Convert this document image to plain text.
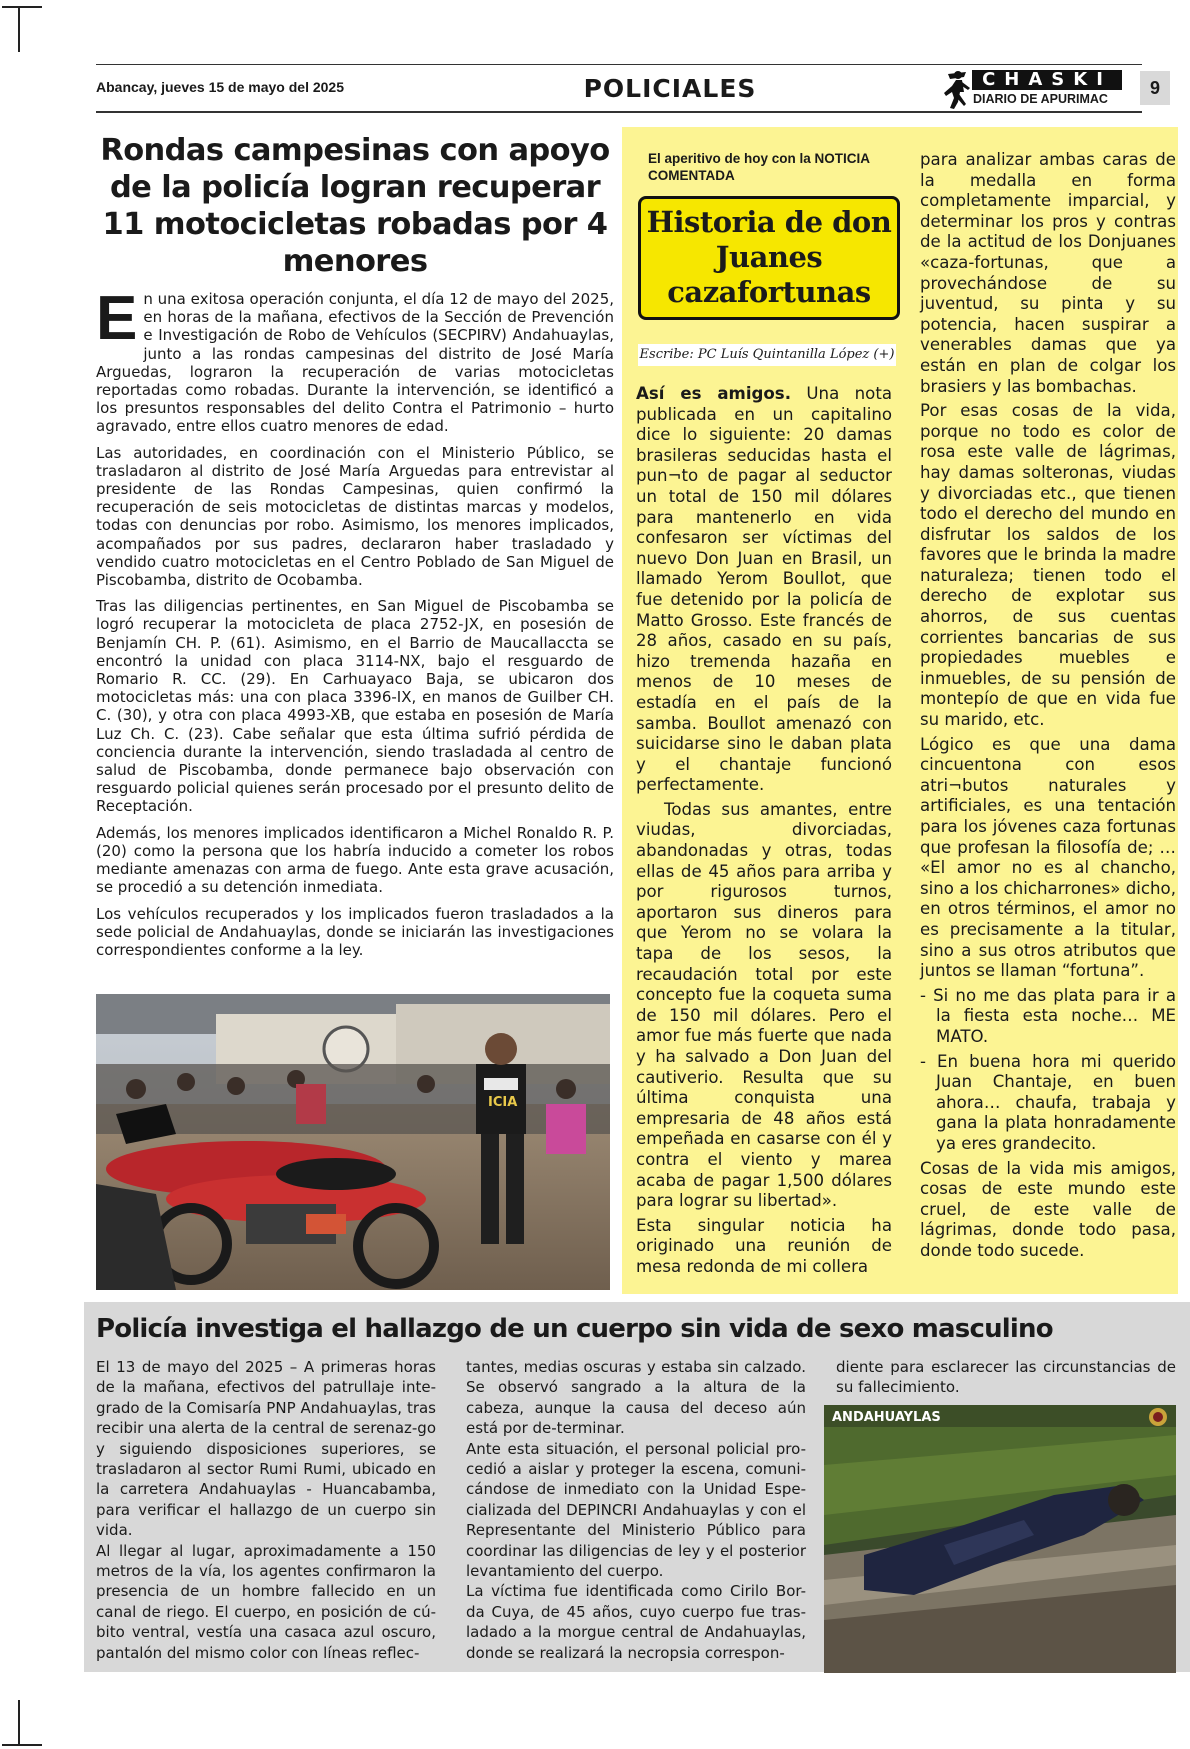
Abancay, jueves 15 de mayo del 2025	POLICIALES	CHASKI
DIARIO DE APURIMAC
9
Rondas campesinas con apoyo de la policía logran recuperar 11 motocicletas robadas por 4 menores

En una exitosa operación conjunta, el día 12 de mayo del 2025, en horas de la mañana, efectivos de la Sección de Prevención e Investigación de Robo de Vehículos (SECPIRV) Andahuaylas, junto a las rondas campesinas del distrito de José María Arguedas, lograron la recuperación de varias motocicletas reportadas como robadas. Durante la intervención, se identificó a los presuntos responsables del delito Contra el Patrimonio – hurto agravado, entre ellos cuatro menores de edad.

Las autoridades, en coordinación con el Ministerio Público, se trasladaron al distrito de José María Arguedas para entrevistar al presidente de las Rondas Campesinas, quien confirmó la recuperación de seis motocicletas de distintas marcas y modelos, todas con denuncias por robo. Asimismo, los menores implicados, acompañados por sus padres, declararon haber trasladado y vendido cuatro motocicletas en el Centro Poblado de San Miguel de Piscobamba, distrito de Ocobamba.

Tras las diligencias pertinentes, en San Miguel de Piscobamba se logró recuperar la motocicleta de placa 2752-JX, en posesión de Benjamín CH. P. (61). Asimismo, en el Barrio de Maucallaccta se encontró la unidad con placa 3114-NX, bajo el resguardo de Romario R. CC. (29). En Carhuayaco Baja, se ubicaron dos motocicletas más: una con placa 3396-IX, en manos de Guilber CH. C. (30), y otra con placa 4993-XB, que estaba en posesión de María Luz Ch. C. (23). Cabe señalar que esta última sufrió pérdida de conciencia durante la intervención, siendo trasladada al centro de salud de Piscobamba, donde permanece bajo observación con resguardo policial quienes serán procesado por el presunto delito de Receptación.

Además, los menores implicados identificaron a Michel Ronaldo R. P. (20) como la persona que los habría inducido a cometer los robos mediante amenazas con arma de fuego. Ante esta grave acusación, se procedió a su detención inmediata.

Los vehículos recuperados y los implicados fueron trasladados a la sede policial de Andahuaylas, donde se iniciarán las investigaciones correspondientes conforme a la ley.

ICIA
El aperitivo de hoy con la NOTICIA COMENTADA
Historia de don Juanes cazafortunas
Escribe: PC Luís Quintanilla López (+)

Así es amigos. Una nota publicada en un capitalino dice lo siguiente: 20 damas brasileras seducidas hasta el pun¬to de pagar al seductor un total de 150 mil dólares para mantenerlo en vida confesaron ser víctimas del nuevo Don Juan en Brasil, un llamado Yerom Boullot, que fue detenido por la policía de Matto Grosso. Este francés de 28 años, casado en su país, hizo tremenda hazaña en menos de 10 meses de estadía en el país de la samba. Boullot amenazó con suicidarse sino le daban plata y el chantaje funcionó perfectamente.

Todas sus amantes, entre viudas, divorciadas, abandonadas y otras, todas ellas de 45 años para arriba y por rigurosos turnos, aportaron sus dineros para que Yerom no se volara la tapa de los sesos, la recaudación total por este concepto fue la coqueta suma de 150 mil dólares. Pero el amor fue más fuerte que nada y ha salvado a Don Juan del cautiverio. Resulta que su última conquista una empresaria de 48 años está empeñada en casarse con él y contra el viento y marea acaba de pagar 1,500 dólares para lograr su libertad».

Esta singular noticia ha originado una reunión de mesa redonda de mi collera

para analizar ambas caras de la medalla en forma completamente imparcial, y determinar los pros y contras de la actitud de los Donjuanes «caza-fortunas, que a provechándose de su juventud, su pinta y su potencia, hacen suspirar a venerables damas que ya están en plan de colgar los brasiers y las bombachas.

Por esas cosas de la vida, porque no todo es color de rosa este valle de lágrimas, hay damas solteronas, viudas y divorciadas etc., que tienen todo el derecho del mundo en disfrutar los saldos de los favores que le brinda la madre naturaleza; tienen todo el derecho de explotar sus ahorros, de sus cuentas corrientes bancarias de sus propiedades muebles e inmuebles, de su pensión de montepío de que en vida fue su marido, etc.

Lógico es que una dama cincuentona con esos atri¬butos naturales y artificiales, es una tentación para los jóvenes caza fortunas que profesan la filosofía de; … «El amor no es al chancho, sino a los chicharrones» dicho, en otros términos, el amor no es precisamente a la titular, sino a sus otros atributos que juntos se llaman “fortuna”.

- Si no me das plata para ir a la fiesta esta noche… ME MATO.

- En buena hora mi querido Juan Chantaje, en buen ahora… chaufa, trabaja y gana la plata honradamente ya eres grandecito.

Cosas de la vida mis amigos, cosas de este mundo este cruel, de este valle de lágrimas, donde todo pasa, donde todo sucede.

Policía investiga el hallazgo de un cuerpo sin vida de sexo masculino

El 13 de mayo del 2025 – A primeras horas de la mañana, efectivos del patrullaje inte-grado de la Comisaría PNP Andahuaylas, tras recibir una alerta de la central de serenaz-go y siguiendo disposiciones superiores, se trasladaron al sector Rumi Rumi, ubicado en la carretera Andahuaylas - Huancabamba, para verificar el hallazgo de un cuerpo sin vida.

Al llegar al lugar, aproximadamente a 150 metros de la vía, los agentes confirmaron la presencia de un hombre fallecido en un canal de riego. El cuerpo, en posición de cú-bito ventral, vestía una casaca azul oscuro, pantalón del mismo color con líneas reflec-

tantes, medias oscuras y estaba sin calzado. Se observó sangrado a la altura de la cabeza, aunque la causa del deceso aún está por de-terminar.

Ante esta situación, el personal policial pro-cedió a aislar y proteger la escena, comuni-cándose de inmediato con la Unidad Espe-cializada del DEPINCRI Andahuaylas y con el Representante del Ministerio Público para coordinar las diligencias de ley y el posterior levantamiento del cuerpo.

La víctima fue identificada como Cirilo Bor-da Cuya, de 45 años, cuyo cuerpo fue tras-ladado a la morgue central de Andahuaylas, donde se realizará la necropsia correspon-

diente para esclarecer las circunstancias de su fallecimiento.

ANDAHUAYLAS
